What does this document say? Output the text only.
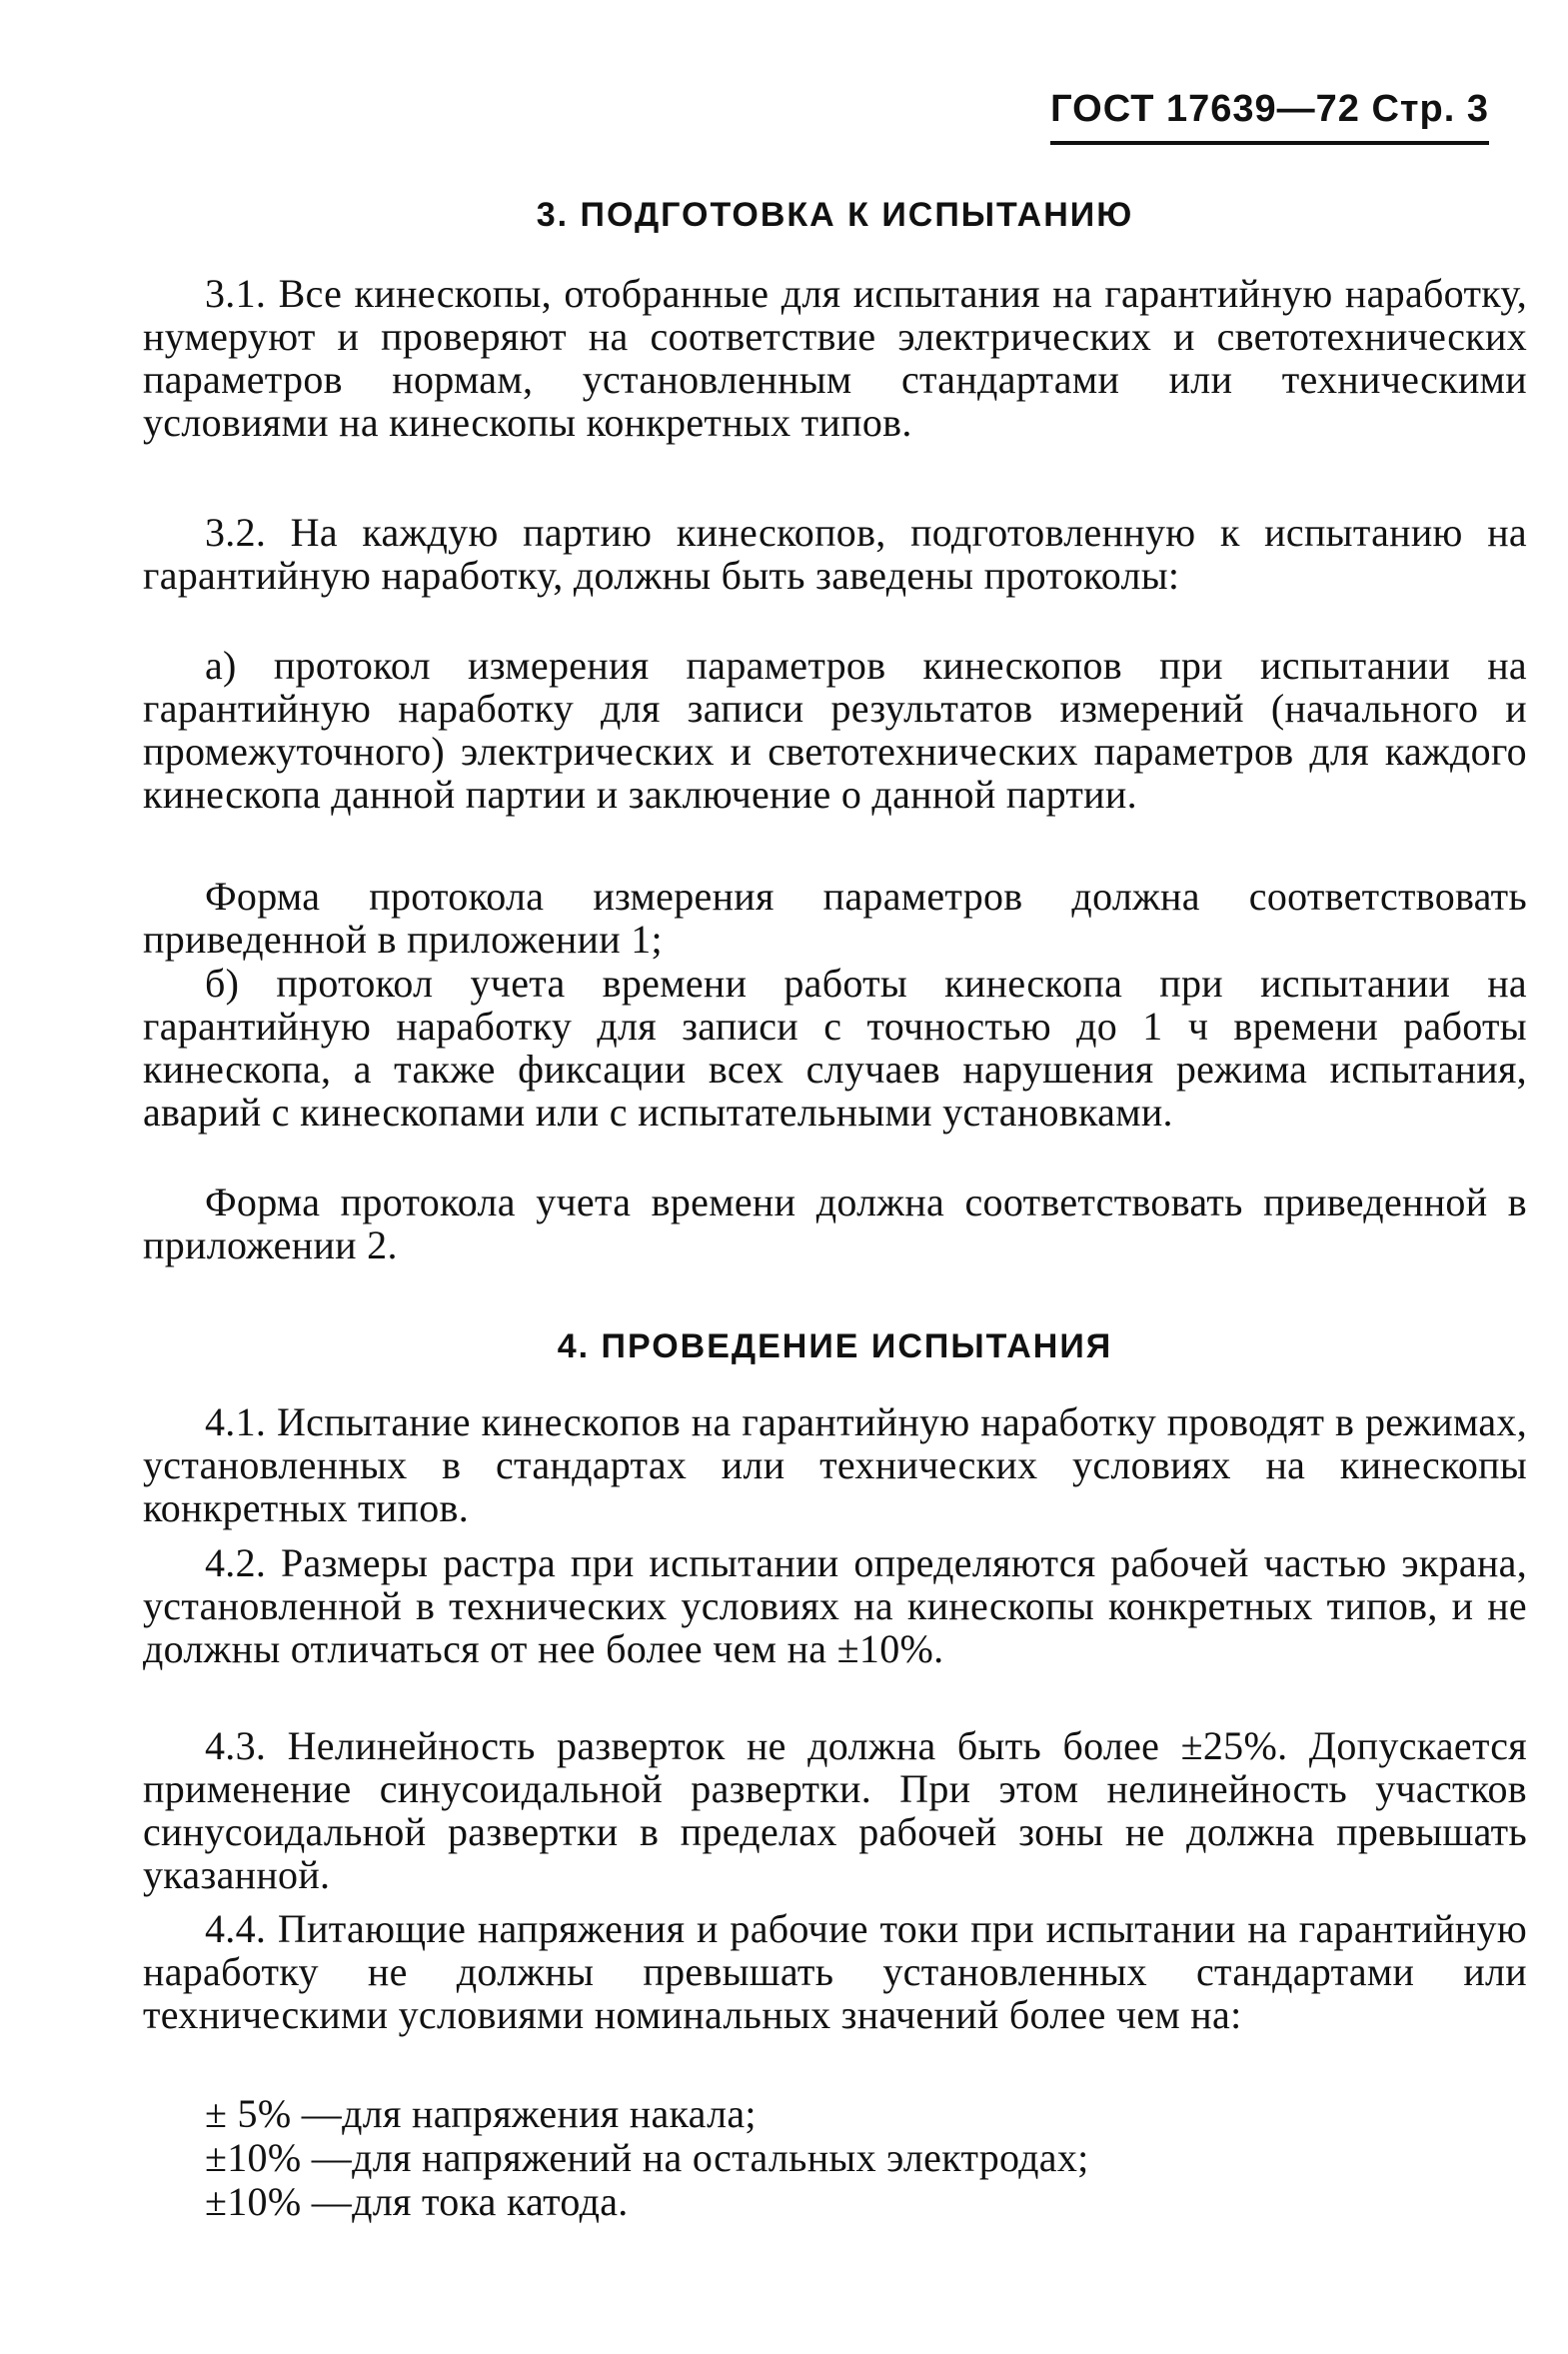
ГОСТ 17639—72 Стр. 3
3. ПОДГОТОВКА К ИСПЫТАНИЮ
3.1. Все кинескопы, отобранные для испытания на гарантийную наработку, нумеруют и проверяют на соответствие электрических и светотехнических параметров нормам, установленным стандартами или техническими условиями на кинескопы конкретных типов.
3.2. На каждую партию кинескопов, подготовленную к испытанию на гарантийную наработку, должны быть заведены протоколы:
а) протокол измерения параметров кинескопов при испытании на гарантийную наработку для записи результатов измерений (начального и промежуточного) электрических и светотехнических параметров для каждого кинескопа данной партии и заключение о данной партии.
Форма протокола измерения параметров должна соответствовать приведенной в приложении 1;
б) протокол учета времени работы кинескопа при испытании на гарантийную наработку для записи с точностью до 1 ч времени работы кинескопа, а также фиксации всех случаев нарушения режима испытания, аварий с кинескопами или с испытательными установками.
Форма протокола учета времени должна соответствовать приведенной в приложении 2.
4. ПРОВЕДЕНИЕ ИСПЫТАНИЯ
4.1. Испытание кинескопов на гарантийную наработку проводят в режимах, установленных в стандартах или технических условиях на кинескопы конкретных типов.
4.2. Размеры растра при испытании определяются рабочей частью экрана, установленной в технических условиях на кинескопы конкретных типов, и не должны отличаться от нее более чем на ±10%.
4.3. Нелинейность разверток не должна быть более ±25%. Допускается применение синусоидальной развертки. При этом нелинейность участков синусоидальной развертки в пределах рабочей зоны не должна превышать указанной.
4.4. Питающие напряжения и рабочие токи при испытании на гарантийную наработку не должны превышать установленных стандартами или техническими условиями номинальных значений более чем на:
± 5% —для напряжения накала;
±10% —для напряжений на остальных электродах;
±10% —для тока катода.
